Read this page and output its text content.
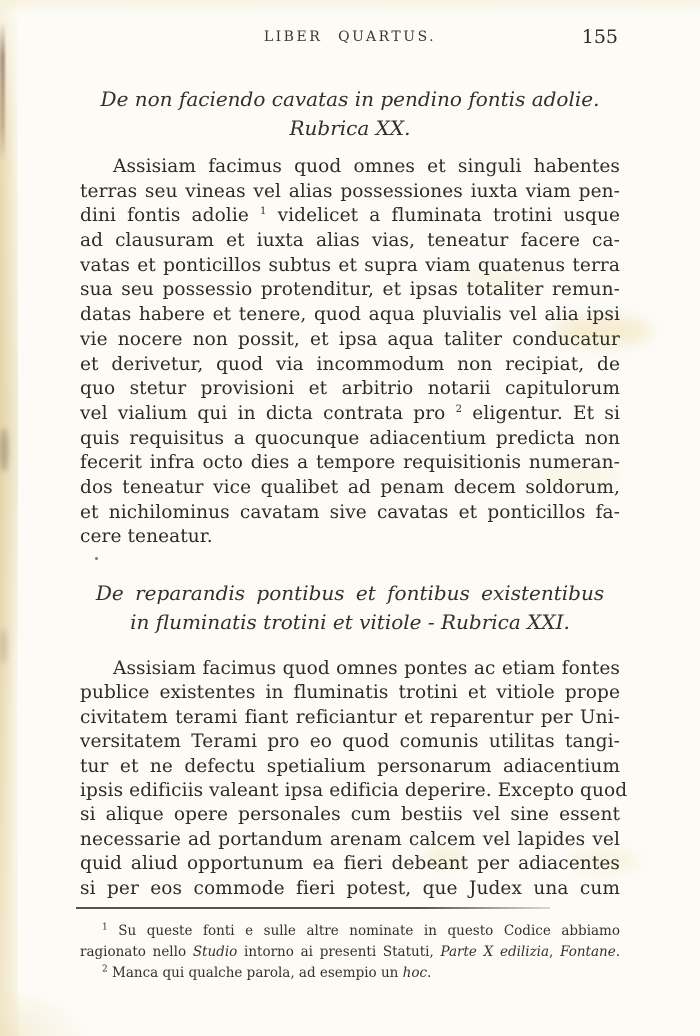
LIBER QUARTUS.	155
De non faciendo cavatas in pendino fontis adolie.
Rubrica XX.
Assisiam facimus quod omnes et singuli habentes
terras seu vineas vel alias possessiones iuxta viam pen-
dini fontis adolie $^1$ videlicet a fluminata trotini usque
ad clausuram et iuxta alias vias, teneatur facere ca-
vatas et ponticillos subtus et supra viam quatenus terra
sua seu possessio protenditur, et ipsas totaliter remun-
datas habere et tenere, quod aqua pluvialis vel alia ipsi
vie nocere non possit, et ipsa aqua taliter conducatur
et derivetur, quod via incommodum non recipiat, de
quo stetur provisioni et arbitrio notarii capitulorum
vel vialium qui in dicta contrata pro $^2$ eligentur. Et si
quis requisitus a quocunque adiacentium predicta non
fecerit infra octo dies a tempore requisitionis numeran-
dos teneatur vice qualibet ad penam decem soldorum,
et nichilominus cavatam sive cavatas et ponticillos fa-
cere teneatur.
De reparandis pontibus et fontibus existentibus
in fluminatis trotini et vitiole - Rubrica XXI.
Assisiam facimus quod omnes pontes ac etiam fontes
publice existentes in fluminatis trotini et vitiole prope
civitatem terami fiant reficiantur et reparentur per Uni-
versitatem Terami pro eo quod comunis utilitas tangi-
tur et ne defectu spetialium personarum adiacentium
ipsis edificiis valeant ipsa edificia deperire. Excepto quod
si alique opere personales cum bestiis vel sine essent
necessarie ad portandum arenam calcem vel lapides vel
quid aliud opportunum ea fieri debeant per adiacentes
si per eos commode fieri potest, que Judex una cum
$^1$ Su queste fonti e sulle altre nominate in questo Codice abbiamo
ragionato nello Studio intorno ai presenti Statuti, Parte X edilizia, Fontane.
$^2$ Manca qui qualche parola, ad esempio un hoc.
